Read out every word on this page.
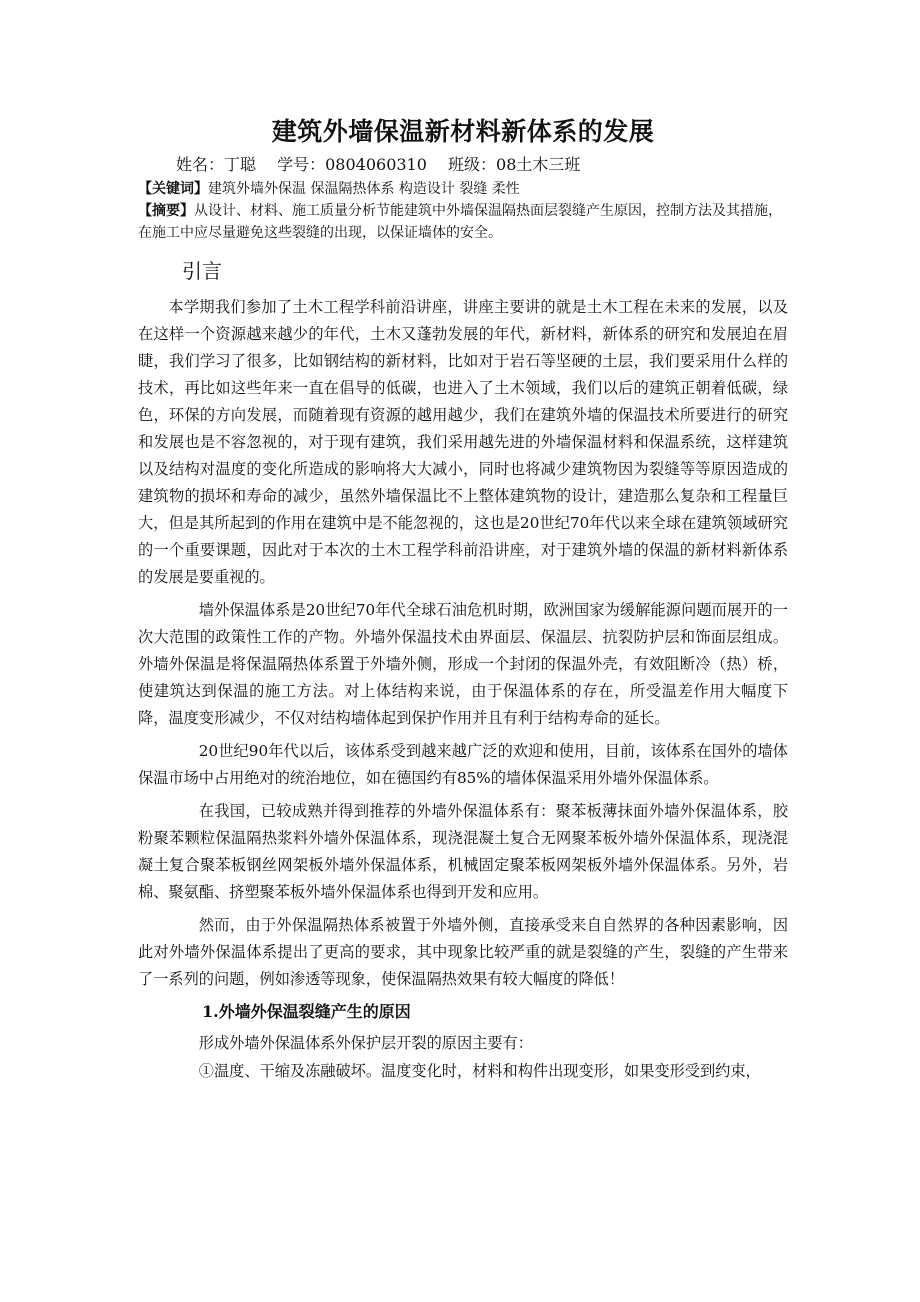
建筑外墙保温新材料新体系的发展

姓名：丁聪 学号：0804060310 班级：08土木三班

【关键词】建筑外墙外保温 保温隔热体系 构造设计 裂缝 柔性

【摘要】从设计、材料、施工质量分析节能建筑中外墙保温隔热面层裂缝产生原因，控制方法及其措施，在施工中应尽量避免这些裂缝的出现，以保证墙体的安全。

引言

本学期我们参加了土木工程学科前沿讲座，讲座主要讲的就是土木工程在未来的发展，以及在这样一个资源越来越少的年代，土木又蓬勃发展的年代，新材料，新体系的研究和发展迫在眉睫，我们学习了很多，比如钢结构的新材料，比如对于岩石等坚硬的土层，我们要采用什么样的技术，再比如这些年来一直在倡导的低碳，也进入了土木领域，我们以后的建筑正朝着低碳，绿色，环保的方向发展，而随着现有资源的越用越少，我们在建筑外墙的保温技术所要进行的研究和发展也是不容忽视的，对于现有建筑，我们采用越先进的外墙保温材料和保温系统，这样建筑以及结构对温度的变化所造成的影响将大大减小，同时也将减少建筑物因为裂缝等等原因造成的建筑物的损坏和寿命的减少，虽然外墙保温比不上整体建筑物的设计，建造那么复杂和工程量巨大，但是其所起到的作用在建筑中是不能忽视的，这也是20世纪70年代以来全球在建筑领域研究的一个重要课题，因此对于本次的土木工程学科前沿讲座，对于建筑外墙的保温的新材料新体系的发展是要重视的。

墙外保温体系是20世纪70年代全球石油危机时期，欧洲国家为缓解能源问题而展开的一次大范围的政策性工作的产物。外墙外保温技术由界面层、保温层、抗裂防护层和饰面层组成。外墙外保温是将保温隔热体系置于外墙外侧，形成一个封闭的保温外壳，有效阻断冷（热）桥，使建筑达到保温的施工方法。对上体结构来说，由于保温体系的存在，所受温差作用大幅度下降，温度变形减少，不仅对结构墙体起到保护作用并且有利于结构寿命的延长。

20世纪90年代以后，该体系受到越来越广泛的欢迎和使用，目前，该体系在国外的墙体保温市场中占用绝对的统治地位，如在德国约有85%的墙体保温采用外墙外保温体系。

在我国，已较成熟并得到推荐的外墙外保温体系有：聚苯板薄抹面外墙外保温体系，胶粉聚苯颗粒保温隔热浆料外墙外保温体系，现浇混凝土复合无网聚苯板外墙外保温体系，现浇混凝土复合聚苯板钢丝网架板外墙外保温体系，机械固定聚苯板网架板外墙外保温体系。另外，岩棉、聚氨酯、挤塑聚苯板外墙外保温体系也得到开发和应用。

然而，由于外保温隔热体系被置于外墙外侧，直接承受来自自然界的各种因素影响，因此对外墙外保温体系提出了更高的要求，其中现象比较严重的就是裂缝的产生，裂缝的产生带来了一系列的问题，例如渗透等现象，使保温隔热效果有较大幅度的降低！

1.外墙外保温裂缝产生的原因

形成外墙外保温体系外保护层开裂的原因主要有：

①温度、干缩及冻融破坏。温度变化时，材料和构件出现变形，如果变形受到约束，
